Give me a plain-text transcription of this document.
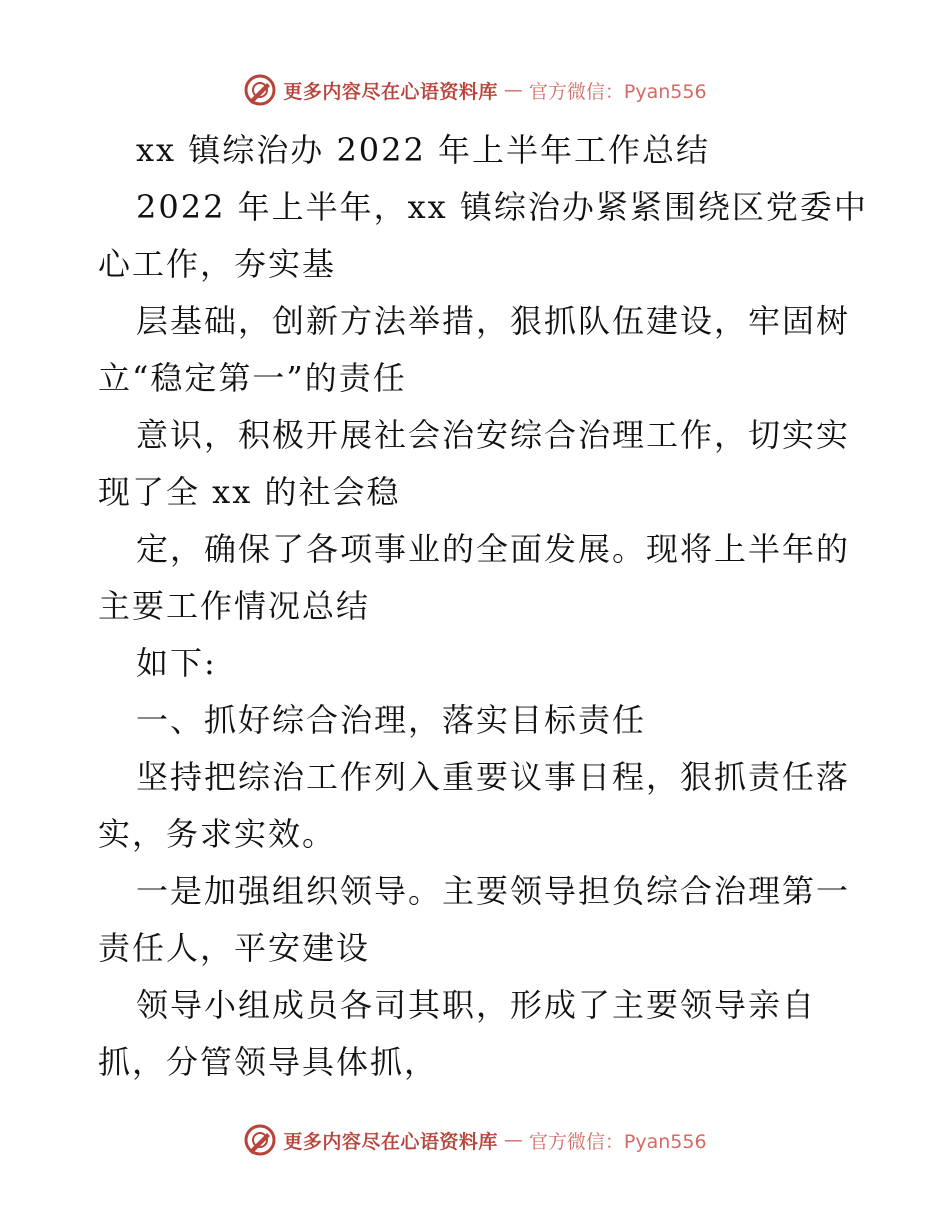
更多内容尽在心语资料库 — 官方微信：Pyan556
xx 镇综治办 2022 年上半年工作总结
2022 年上半年，xx 镇综治办紧紧围绕区党委中
心工作，夯实基
层基础，创新方法举措，狠抓队伍建设，牢固树
立“稳定第一”的责任
意识，积极开展社会治安综合治理工作，切实实
现了全 xx 的社会稳
定，确保了各项事业的全面发展。现将上半年的
主要工作情况总结
如下:
一、抓好综合治理，落实目标责任
坚持把综治工作列入重要议事日程，狠抓责任落
实，务求实效。
一是加强组织领导。主要领导担负综合治理第一
责任人，平安建设
领导小组成员各司其职，形成了主要领导亲自
抓，分管领导具体抓，
更多内容尽在心语资料库 — 官方微信：Pyan556
